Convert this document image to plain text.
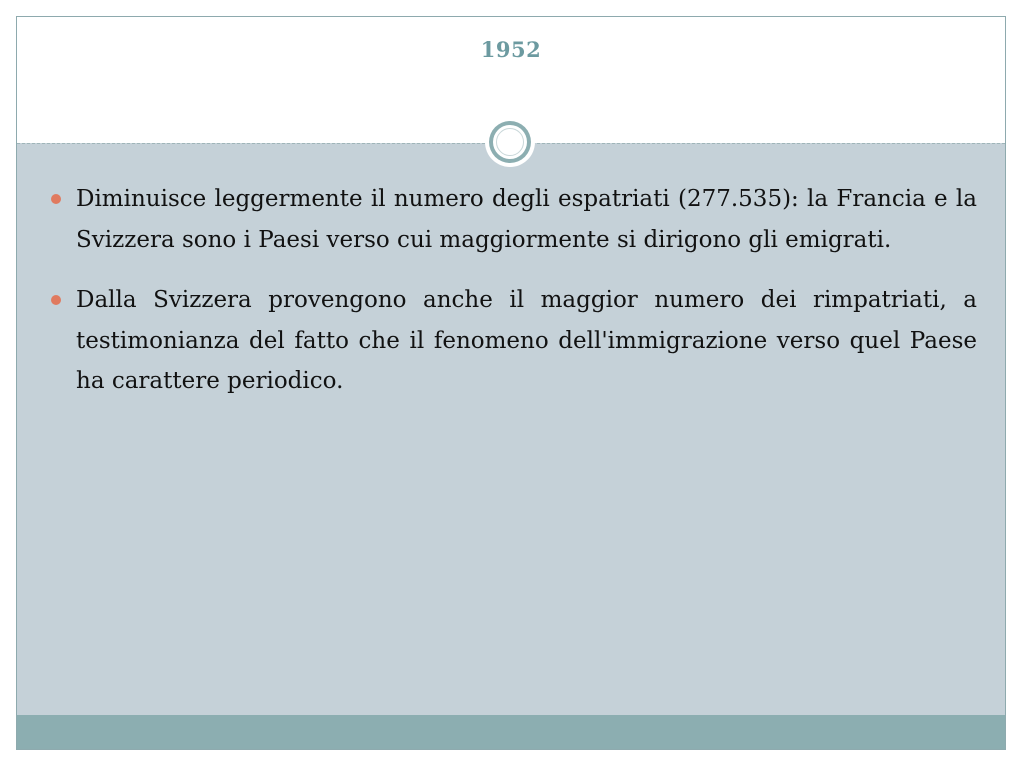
1952
Diminuisce leggermente il numero degli espatriati (277.535): la Francia e la Svizzera sono i Paesi verso cui maggiormente si dirigono gli emigrati.
Dalla Svizzera provengono anche il maggior numero dei rimpatriati, a testimonianza del fatto che il fenomeno dell'immigrazione verso quel Paese ha carattere periodico.
